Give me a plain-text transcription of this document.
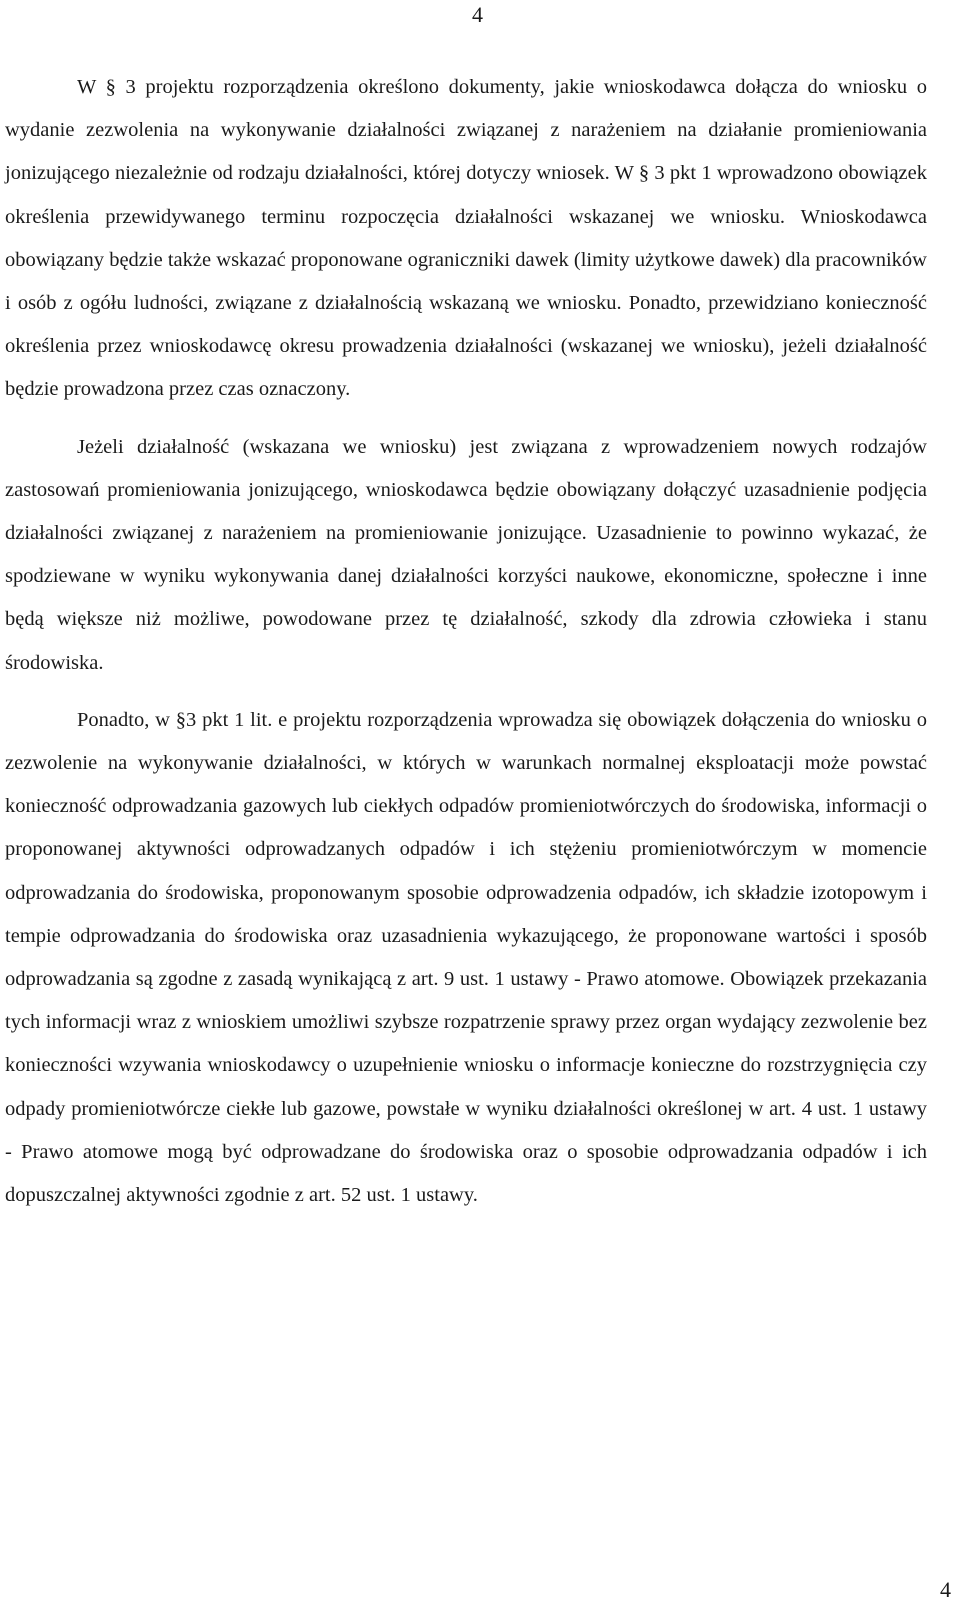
4

W § 3 projektu rozporządzenia określono dokumenty, jakie wnioskodawca dołącza do wniosku o wydanie zezwolenia na wykonywanie działalności związanej z narażeniem na działanie promieniowania jonizującego niezależnie od rodzaju działalności, której dotyczy wniosek. W § 3 pkt 1 wprowadzono obowiązek określenia przewidywanego terminu rozpoczęcia działalności wskazanej we wniosku. Wnioskodawca obowiązany będzie także wskazać proponowane ograniczniki dawek (limity użytkowe dawek) dla pracowników i osób z ogółu ludności, związane z działalnością wskazaną we wniosku. Ponadto, przewidziano konieczność określenia przez wnioskodawcę okresu prowadzenia działalności (wskazanej we wniosku), jeżeli działalność będzie prowadzona przez czas oznaczony.

Jeżeli działalność (wskazana we wniosku) jest związana z wprowadzeniem nowych rodzajów zastosowań promieniowania jonizującego, wnioskodawca będzie obowiązany dołączyć uzasadnienie podjęcia działalności związanej z narażeniem na promieniowanie jonizujące. Uzasadnienie to powinno wykazać, że spodziewane w wyniku wykonywania danej działalności korzyści naukowe, ekonomiczne, społeczne i inne będą większe niż możliwe, powodowane przez tę działalność, szkody dla zdrowia człowieka i stanu środowiska.

Ponadto, w §3 pkt 1 lit. e projektu rozporządzenia wprowadza się obowiązek dołączenia do wniosku o zezwolenie na wykonywanie działalności, w których w warunkach normalnej eksploatacji może powstać konieczność odprowadzania gazowych lub ciekłych odpadów promieniotwórczych do środowiska, informacji o proponowanej aktywności odprowadzanych odpadów i ich stężeniu promieniotwórczym w momencie odprowadzania do środowiska, proponowanym sposobie odprowadzenia odpadów, ich składzie izotopowym i tempie odprowadzania do środowiska oraz uzasadnienia wykazującego, że proponowane wartości i sposób odprowadzania są zgodne z zasadą wynikającą z art. 9 ust. 1 ustawy - Prawo atomowe. Obowiązek przekazania tych informacji wraz z wnioskiem umożliwi szybsze rozpatrzenie sprawy przez organ wydający zezwolenie bez konieczności wzywania wnioskodawcy o uzupełnienie wniosku o informacje konieczne do rozstrzygnięcia czy odpady promieniotwórcze ciekłe lub gazowe, powstałe w wyniku działalności określonej w art. 4 ust. 1 ustawy - Prawo atomowe mogą być odprowadzane do środowiska oraz o sposobie odprowadzania odpadów i ich dopuszczalnej aktywności zgodnie z art. 52 ust. 1 ustawy.

4
